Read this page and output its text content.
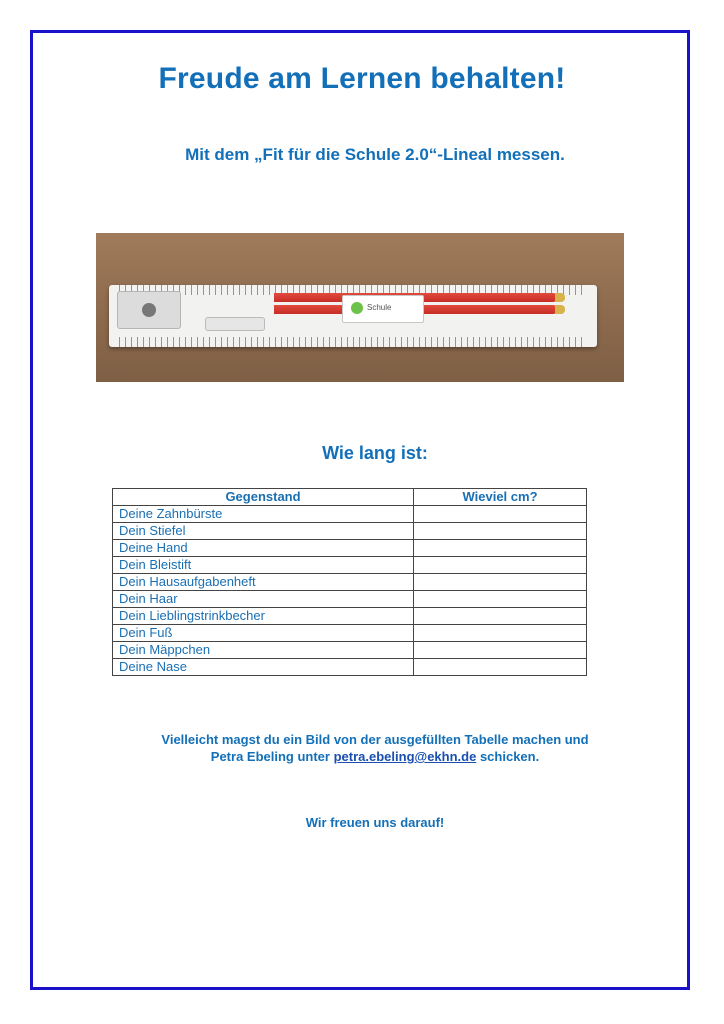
Freude am Lernen behalten!
Mit dem „Fit für die Schule 2.0“-Lineal messen.
Schule
Wie lang ist:
Gegenstand	Wieviel cm?
Deine Zahnbürste	
Dein Stiefel	
Deine Hand	
Dein Bleistift	
Dein Hausaufgabenheft	
Dein Haar	
Dein Lieblingstrinkbecher	
Dein Fuß	
Dein Mäppchen	
Deine Nase	
Vielleicht magst du ein Bild von der ausgefüllten Tabelle machen und
Petra Ebeling unter petra.ebeling@ekhn.de schicken.
Wir freuen uns darauf!
